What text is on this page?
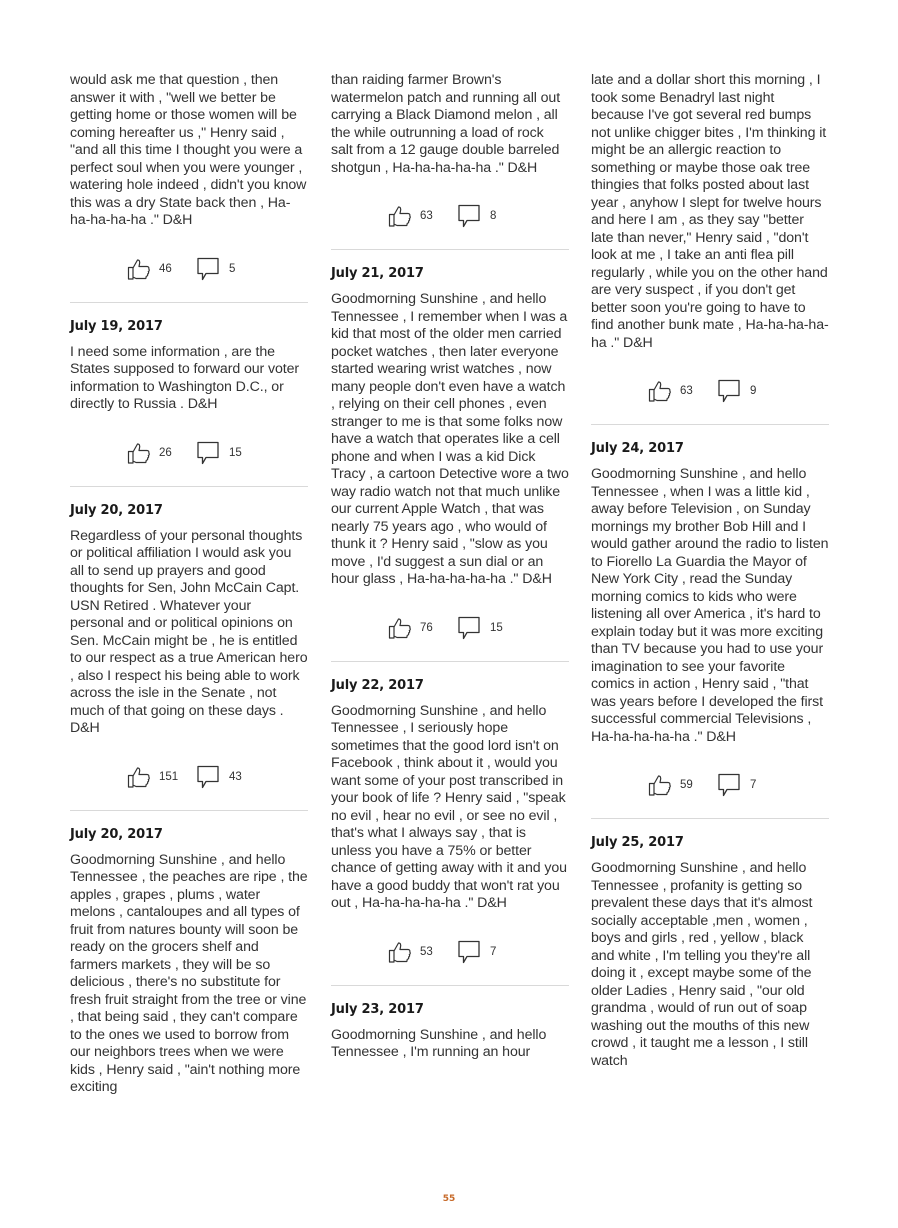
would ask me that question , then answer it with , "well we better be getting home or those women will be coming hereafter us ," Henry said , "and all this time I thought you were a perfect soul when you were younger , watering hole indeed , didn't you know this was a dry State back then , Ha-ha-ha-ha-ha ." D&H

46	5

July 19, 2017

I need some information , are the States supposed to forward our voter information to Washington D.C., or directly to Russia . D&H

26	15

July 20, 2017

Regardless of your personal thoughts or political affiliation I would ask you all to send up prayers and good thoughts for Sen, John McCain Capt. USN Retired . Whatever your personal and or political opinions on Sen. McCain might be , he is entitled to our respect as a true American hero , also I respect his being able to work across the isle in the Senate , not much of that going on these days . D&H

151	43

July 20, 2017

Goodmorning Sunshine , and hello Tennessee , the peaches are ripe , the apples , grapes , plums , water melons , cantaloupes and all types of fruit from natures bounty will soon be ready on the grocers shelf and farmers markets , they will be so delicious , there's no substitute for fresh fruit straight from the tree or vine , that being said , they can't compare to the ones we used to borrow from our neighbors trees when we were kids , Henry said , "ain't nothing more exciting

than raiding farmer Brown's watermelon patch and running all out carrying a Black Diamond melon , all the while outrunning a load of rock salt from a 12 gauge double barreled shotgun , Ha-ha-ha-ha-ha ." D&H

63	8

July 21, 2017

Goodmorning Sunshine , and hello Tennessee , I remember when I was a kid that most of the older men carried pocket watches , then later everyone started wearing wrist watches , now many people don't even have a watch , relying on their cell phones , even stranger to me is that some folks now have a watch that operates like a cell phone and when I was a kid Dick Tracy , a cartoon Detective wore a two way radio watch not that much unlike our current Apple Watch , that was nearly 75 years ago , who would of thunk it ? Henry said , "slow as you move , I'd suggest a sun dial or an hour glass , Ha-ha-ha-ha-ha ." D&H

76	15

July 22, 2017

Goodmorning Sunshine , and hello Tennessee , I seriously hope sometimes that the good lord isn't on Facebook , think about it , would you want some of your post transcribed in your book of life ? Henry said , "speak no evil , hear no evil , or see no evil , that's what I always say , that is unless you have a 75% or better chance of getting away with it and you have a good buddy that won't rat you out , Ha-ha-ha-ha-ha ." D&H

53	7

July 23, 2017

Goodmorning Sunshine , and hello Tennessee , I'm running an hour

late and a dollar short this morning , I took some Benadryl last night because I've got several red bumps not unlike chigger bites , I'm thinking it might be an allergic reaction to something or maybe those oak tree thingies that folks posted about last year , anyhow I slept for twelve hours and here I am , as they say "better late than never," Henry said , "don't look at me , I take an anti flea pill regularly , while you on the other hand are very suspect , if you don't get better soon you're going to have to find another bunk mate , Ha-ha-ha-ha-ha ." D&H

63	9

July 24, 2017

Goodmorning Sunshine , and hello Tennessee , when I was a little kid , away before Television , on Sunday mornings my brother Bob Hill and I would gather around the radio to listen to Fiorello La Guardia the Mayor of New York City , read the Sunday morning comics to kids who were listening all over America , it's hard to explain today but it was more exciting than TV because you had to use your imagination to see your favorite comics in action , Henry said , "that was years before I developed the first successful commercial Televisions , Ha-ha-ha-ha-ha ." D&H

59	7

July 25, 2017

Goodmorning Sunshine , and hello Tennessee , profanity is getting so prevalent these days that it's almost socially acceptable ,men , women , boys and girls , red , yellow , black and white , I'm telling you they're all doing it , except maybe some of the older Ladies , Henry said , "our old grandma , would of run out of soap washing out the mouths of this new crowd , it taught me a lesson , I still watch

55
